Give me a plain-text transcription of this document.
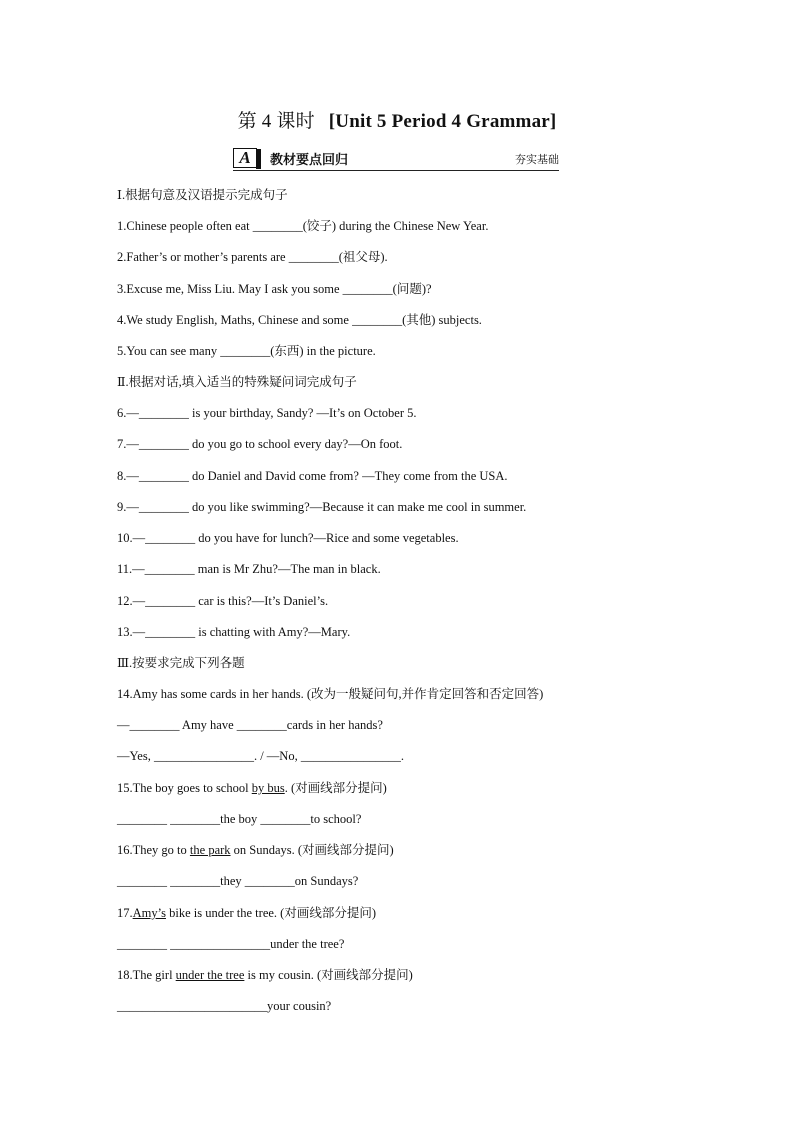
第 4 课时 [Unit 5 Period 4 Grammar]
A	教材要点回归	夯实基础
Ⅰ.根据句意及汉语提示完成句子
1.Chinese people often eat ________(饺子) during the Chinese New Year.
2.Father’s or mother’s parents are ________(祖父母).
3.Excuse me, Miss Liu. May I ask you some ________(问题)?
4.We study English, Maths, Chinese and some ________(其他) subjects.
5.You can see many ________(东西) in the picture.
Ⅱ.根据对话,填入适当的特殊疑问词完成句子
6.—________ is your birthday, Sandy? —It’s on October 5.
7.—________ do you go to school every day?—On foot.
8.—________ do Daniel and David come from? —They come from the USA.
9.—________ do you like swimming?—Because it can make me cool in summer.
10.—________ do you have for lunch?—Rice and some vegetables.
11.—________ man is Mr Zhu?—The man in black.
12.—________ car is this?—It’s Daniel’s.
13.—________ is chatting with Amy?—Mary.
Ⅲ.按要求完成下列各题
14.Amy has some cards in her hands. (改为一般疑问句,并作肯定回答和否定回答)
—________ Amy have ________cards in her hands?
—Yes, ________________. / —No, ________________.
15.The boy goes to school by bus. (对画线部分提问)
________ ________the boy ________to school?
16.They go to the park on Sundays. (对画线部分提问)
________ ________they ________on Sundays?
17.Amy’s bike is under the tree. (对画线部分提问)
________ ________________under the tree?
18.The girl under the tree is my cousin. (对画线部分提问)
________________________your cousin?
